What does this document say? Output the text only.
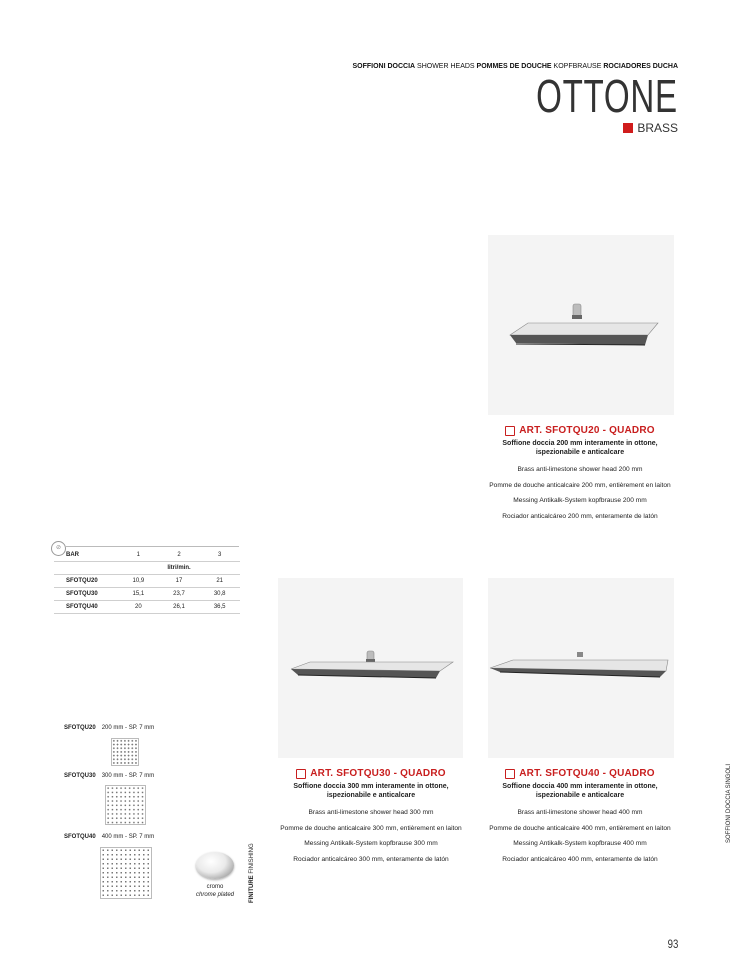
SOFFIONI DOCCIA SHOWER HEADS POMMES DE DOUCHE KOPFBRAUSE ROCIADORES DUCHA
OTTONE
BRASS
ART. SFOTQU20 - QUADRO
Soffione doccia 200 mm interamente in ottone,
ispezionabile e anticalcare
Brass anti-limestone shower head 200 mm
Pomme de douche anticalcaire 200 mm, entièrement en laiton
Messing Antikalk-System kopfbrause 200 mm
Rociador anticalcáreo 200 mm, enteramente de latón
⊘
BAR	1	2	3
	litri/min.		
SFOTQU20	10,9	17	21
SFOTQU30	15,1	23,7	30,8
SFOTQU40	20	26,1	36,5
ART. SFOTQU30 - QUADRO
Soffione doccia 300 mm interamente in ottone,
ispezionabile e anticalcare
Brass anti-limestone shower head 300 mm
Pomme de douche anticalcaire 300 mm, entièrement en laiton
Messing Antikalk-System kopfbrause 300 mm
Rociador anticalcáreo 300 mm, enteramente de latón
ART. SFOTQU40 - QUADRO
Soffione doccia 400 mm interamente in ottone,
ispezionabile e anticalcare
Brass anti-limestone shower head 400 mm
Pomme de douche anticalcaire 400 mm, entièrement en laiton
Messing Antikalk-System kopfbrause 400 mm
Rociador anticalcáreo 400 mm, enteramente de latón
SFOTQU20 200 mm - SP. 7 mm
SFOTQU30 300 mm - SP. 7 mm
SFOTQU40 400 mm - SP. 7 mm
cromo
chrome plated	FINITURE FINISHING
SOFFIONI DOCCIA SINGOLI
93
